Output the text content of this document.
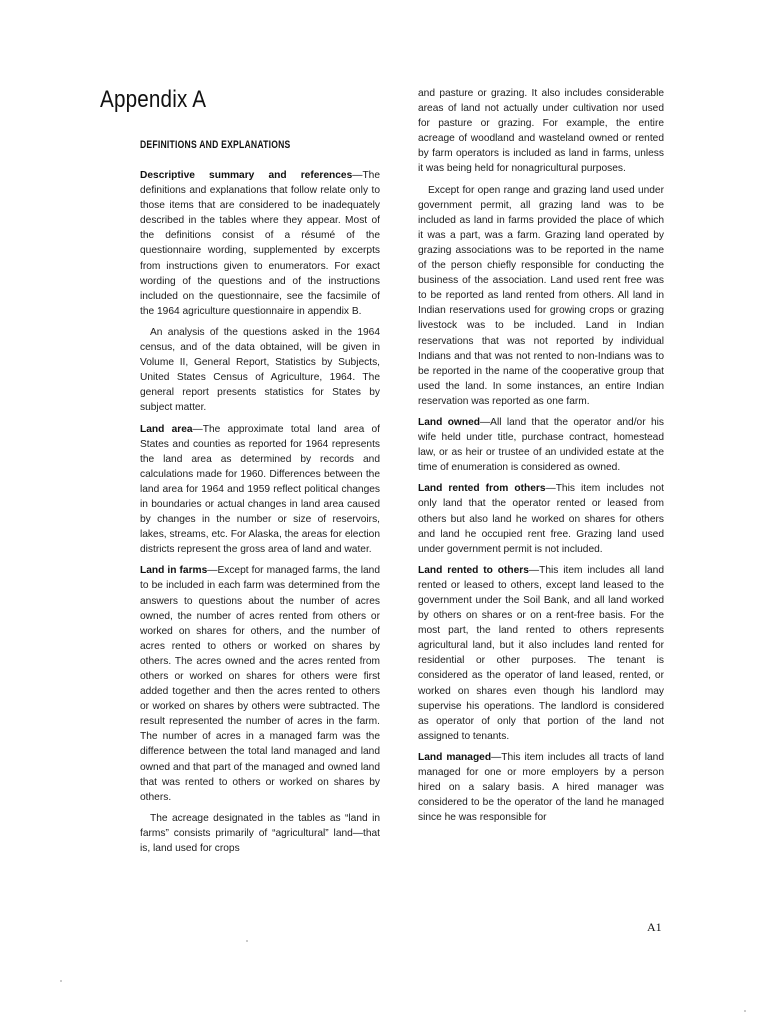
Appendix A
DEFINITIONS AND EXPLANATIONS

Descriptive summary and references—The definitions and explanations that follow relate only to those items that are considered to be inadequately described in the tables where they appear. Most of the definitions consist of a résumé of the questionnaire wording, supplemented by excerpts from instructions given to enumerators. For exact wording of the questions and of the instructions included on the questionnaire, see the facsimile of the 1964 agriculture questionnaire in appendix B.

An analysis of the questions asked in the 1964 census, and of the data obtained, will be given in Volume II, General Report, Statistics by Subjects, United States Census of Agriculture, 1964. The general report presents statistics for States by subject matter.

Land area—The approximate total land area of States and counties as reported for 1964 represents the land area as determined by records and calculations made for 1960. Differences between the land area for 1964 and 1959 reflect political changes in boundaries or actual changes in land area caused by changes in the number or size of reservoirs, lakes, streams, etc. For Alaska, the areas for election districts represent the gross area of land and water.

Land in farms—Except for managed farms, the land to be included in each farm was determined from the answers to questions about the number of acres owned, the number of acres rented from others or worked on shares for others, and the number of acres rented to others or worked on shares by others. The acres owned and the acres rented from others or worked on shares for others were first added together and then the acres rented to others or worked on shares by others were subtracted. The result represented the number of acres in the farm. The number of acres in a managed farm was the difference between the total land managed and land owned and that part of the managed and owned land that was rented to others or worked on shares by others.

The acreage designated in the tables as “land in farms” consists primarily of “agricultural” land—that is, land used for crops

and pasture or grazing. It also includes considerable areas of land not actually under cultivation nor used for pasture or grazing. For example, the entire acreage of woodland and wasteland owned or rented by farm operators is included as land in farms, unless it was being held for nonagricultural purposes.

Except for open range and grazing land used under government permit, all grazing land was to be included as land in farms provided the place of which it was a part, was a farm. Grazing land operated by grazing associations was to be reported in the name of the person chiefly responsible for conducting the business of the association. Land used rent free was to be reported as land rented from others. All land in Indian reservations used for growing crops or grazing livestock was to be included. Land in Indian reservations that was not reported by individual Indians and that was not rented to non-Indians was to be reported in the name of the cooperative group that used the land. In some instances, an entire Indian reservation was reported as one farm.

Land owned—All land that the operator and/or his wife held under title, purchase contract, homestead law, or as heir or trustee of an undivided estate at the time of enumeration is considered as owned.

Land rented from others—This item includes not only land that the operator rented or leased from others but also land he worked on shares for others and land he occupied rent free. Grazing land used under government permit is not included.

Land rented to others—This item includes all land rented or leased to others, except land leased to the government under the Soil Bank, and all land worked by others on shares or on a rent-free basis. For the most part, the land rented to others represents agricultural land, but it also includes land rented for residential or other purposes. The tenant is considered as the operator of land leased, rented, or worked on shares even though his landlord may supervise his operations. The landlord is considered as operator of only that portion of the land not assigned to tenants.

Land managed—This item includes all tracts of land managed for one or more employers by a person hired on a salary basis. A hired manager was considered to be the operator of the land he managed since he was responsible for

A1
